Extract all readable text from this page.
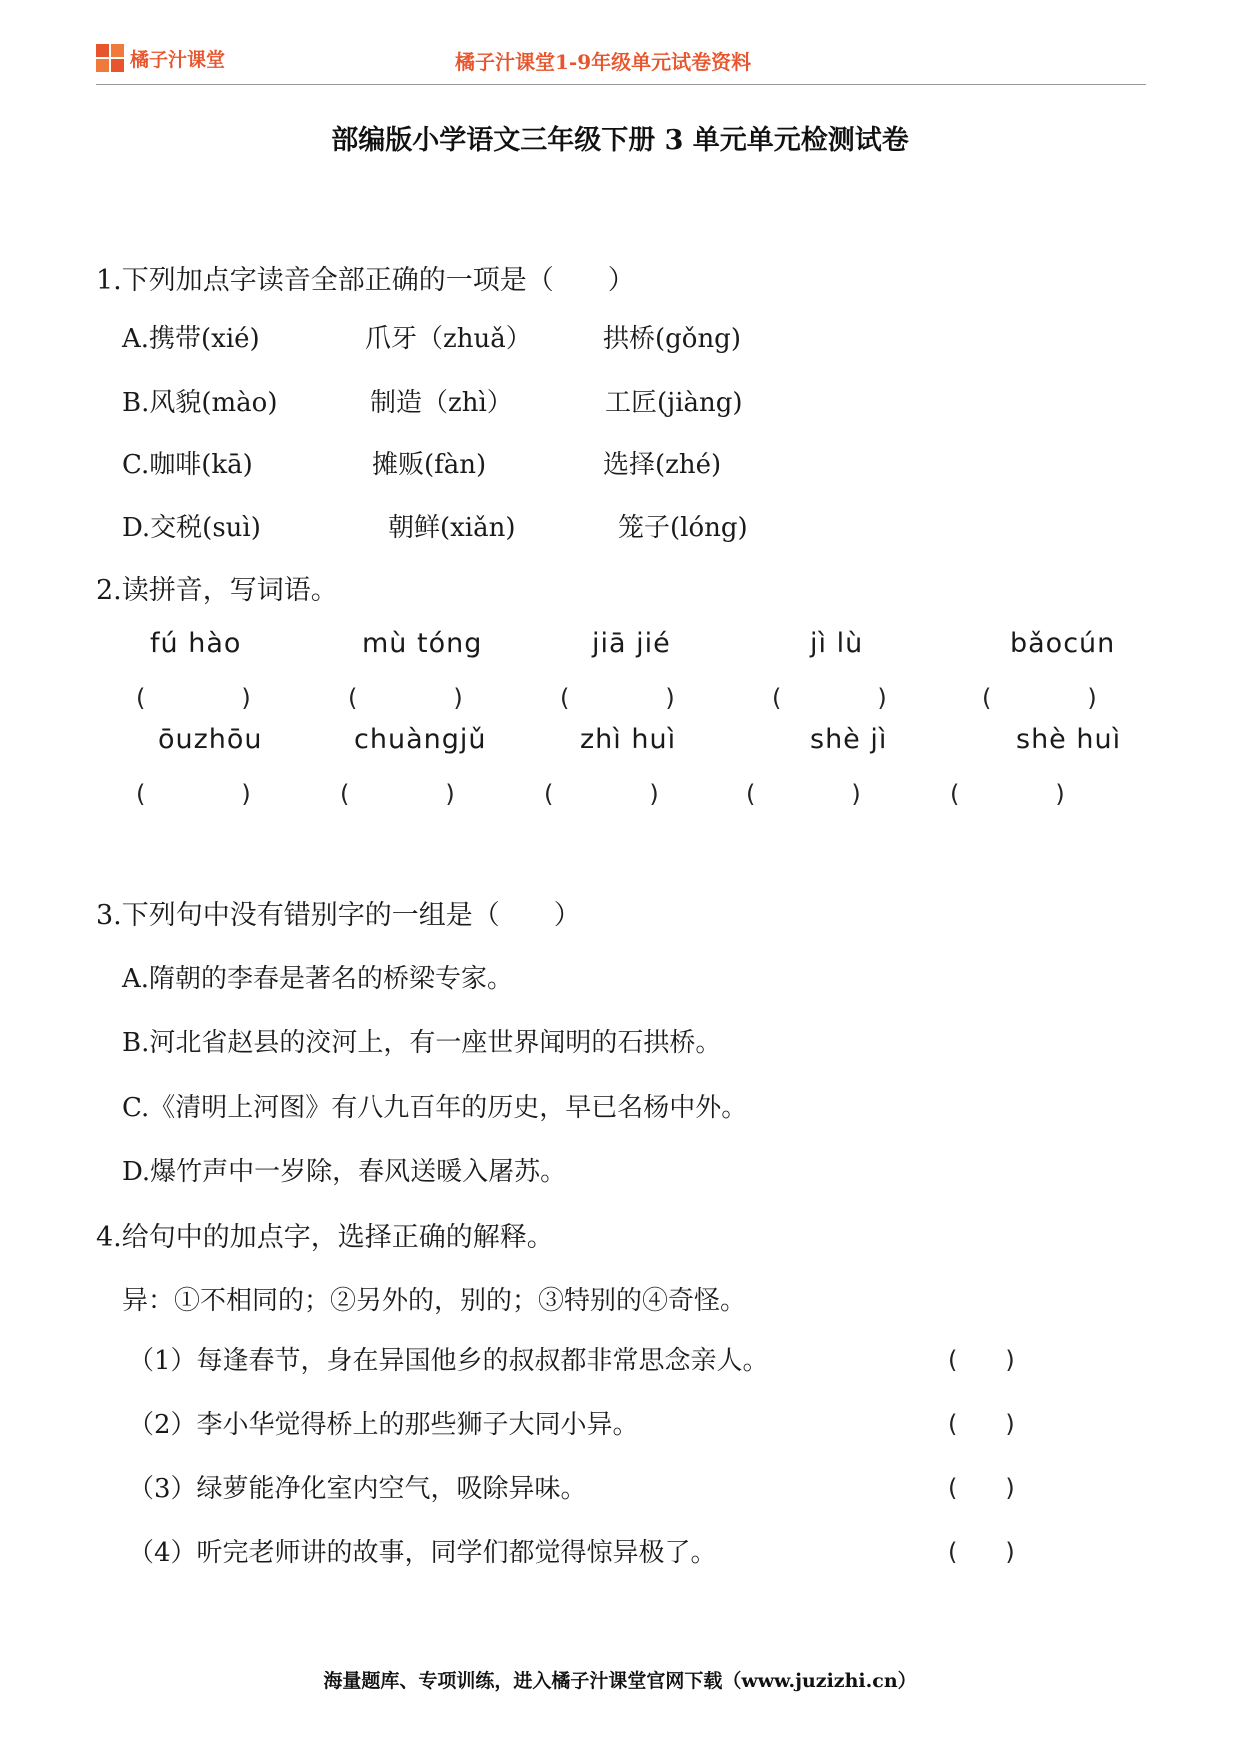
橘子汁课堂	橘子汁课堂1-9年级单元试卷资料
部编版小学语文三年级下册 3 单元单元检测试卷
1.下列加点字读音全部正确的一项是（　　）
A.携带(xié)	爪牙（zhuǎ）	拱桥(gǒng)
B.风貌(mào)	制造（zhì）	工匠(jiàng)
C.咖啡(kā)	摊贩(fàn)	选择(zhé)
D.交税(suì)	朝鲜(xiǎn)	笼子(lóng)
2.读拼音，写词语。
fú hào	mù tóng	jiā jié	jì lù	bǎocún
(　　　　)	(　　　　)	(　　　　)	(　　　　)	(　　　　)
ōuzhōu	chuàngjǔ	zhì huì	shè jì	shè huì
(　　　　)	(　　　　)	(　　　　)	(　　　　)	(　　　　)
3.下列句中没有错别字的一组是（　　）
A.隋朝的李春是著名的桥梁专家。
B.河北省赵县的洨河上，有一座世界闻明的石拱桥。
C.《清明上河图》有八九百年的历史，早已名杨中外。
D.爆竹声中一岁除，春风送暖入屠苏。
4.给句中的加点字，选择正确的解释。
异：①不相同的；②另外的，别的；③特别的④奇怪。
（1）每逢春节，身在异国他乡的叔叔都非常思念亲人。	(　　)
（2）李小华觉得桥上的那些狮子大同小异。	(　　)
（3）绿萝能净化室内空气，吸除异味。	(　　)
（4）听完老师讲的故事，同学们都觉得惊异极了。	(　　)
海量题库、专项训练，进入橘子汁课堂官网下载（www.juzizhi.cn）
